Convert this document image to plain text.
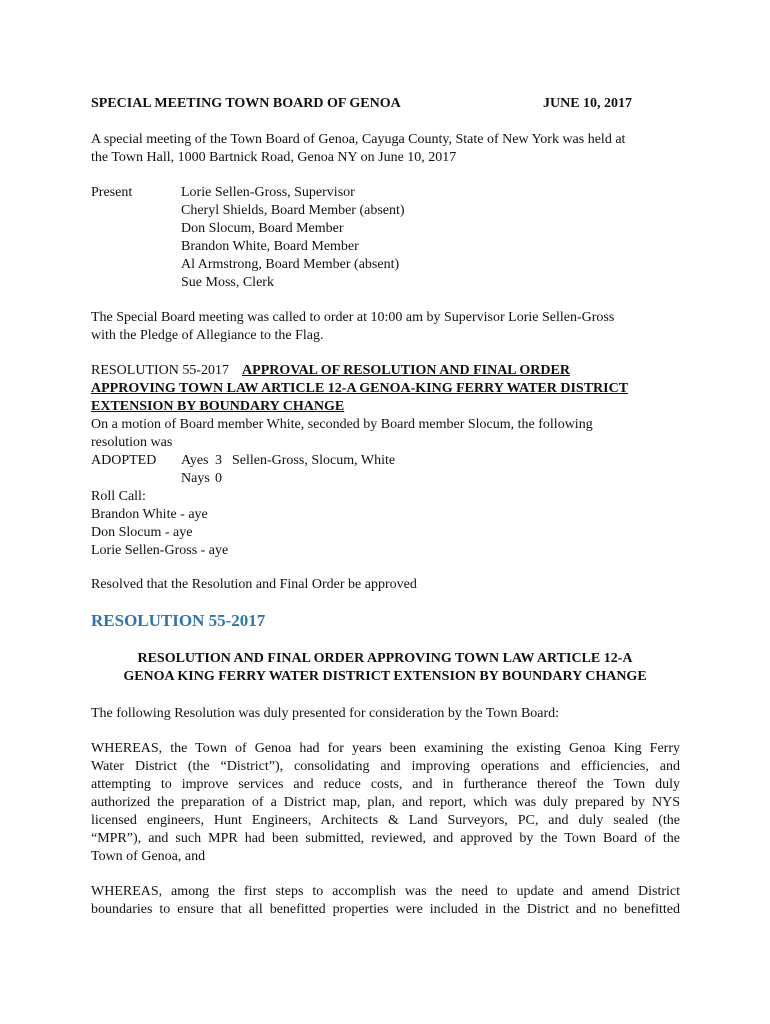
SPECIAL MEETING TOWN BOARD OF GENOA	JUNE 10, 2017
A special meeting of the Town Board of Genoa, Cayuga County, State of New York was held at
the Town Hall, 1000 Bartnick Road, Genoa NY on June 10, 2017
Present	Lorie Sellen-Gross, Supervisor
Cheryl Shields, Board Member (absent)
Don Slocum, Board Member
Brandon White, Board Member
Al Armstrong, Board Member (absent)
Sue Moss, Clerk
The Special Board meeting was called to order at 10:00 am by Supervisor Lorie Sellen-Gross
with the Pledge of Allegiance to the Flag.
RESOLUTION 55-2017 APPROVAL OF RESOLUTION AND FINAL ORDER
APPROVING TOWN LAW ARTICLE 12-A GENOA-KING FERRY WATER DISTRICT
EXTENSION BY BOUNDARY CHANGE
On a motion of Board member White, seconded by Board member Slocum, the following
resolution was
ADOPTED Ayes 3 Sellen-Gross, Slocum, White
Nays 0
Roll Call:
Brandon White - aye
Don Slocum - aye
Lorie Sellen-Gross - aye
Resolved that the Resolution and Final Order be approved
RESOLUTION 55-2017
RESOLUTION AND FINAL ORDER APPROVING TOWN LAW ARTICLE 12-A
GENOA KING FERRY WATER DISTRICT EXTENSION BY BOUNDARY CHANGE
The following Resolution was duly presented for consideration by the Town Board:
WHEREAS, the Town of Genoa had for years been examining the existing Genoa King Ferry
Water District (the “District”), consolidating and improving operations and efficiencies, and
attempting to improve services and reduce costs, and in furtherance thereof the Town duly
authorized the preparation of a District map, plan, and report, which was duly prepared by NYS
licensed engineers, Hunt Engineers, Architects & Land Surveyors, PC, and duly sealed (the
“MPR”), and such MPR had been submitted, reviewed, and approved by the Town Board of the
Town of Genoa, and
WHEREAS, among the first steps to accomplish was the need to update and amend District
boundaries to ensure that all benefitted properties were included in the District and no benefitted
